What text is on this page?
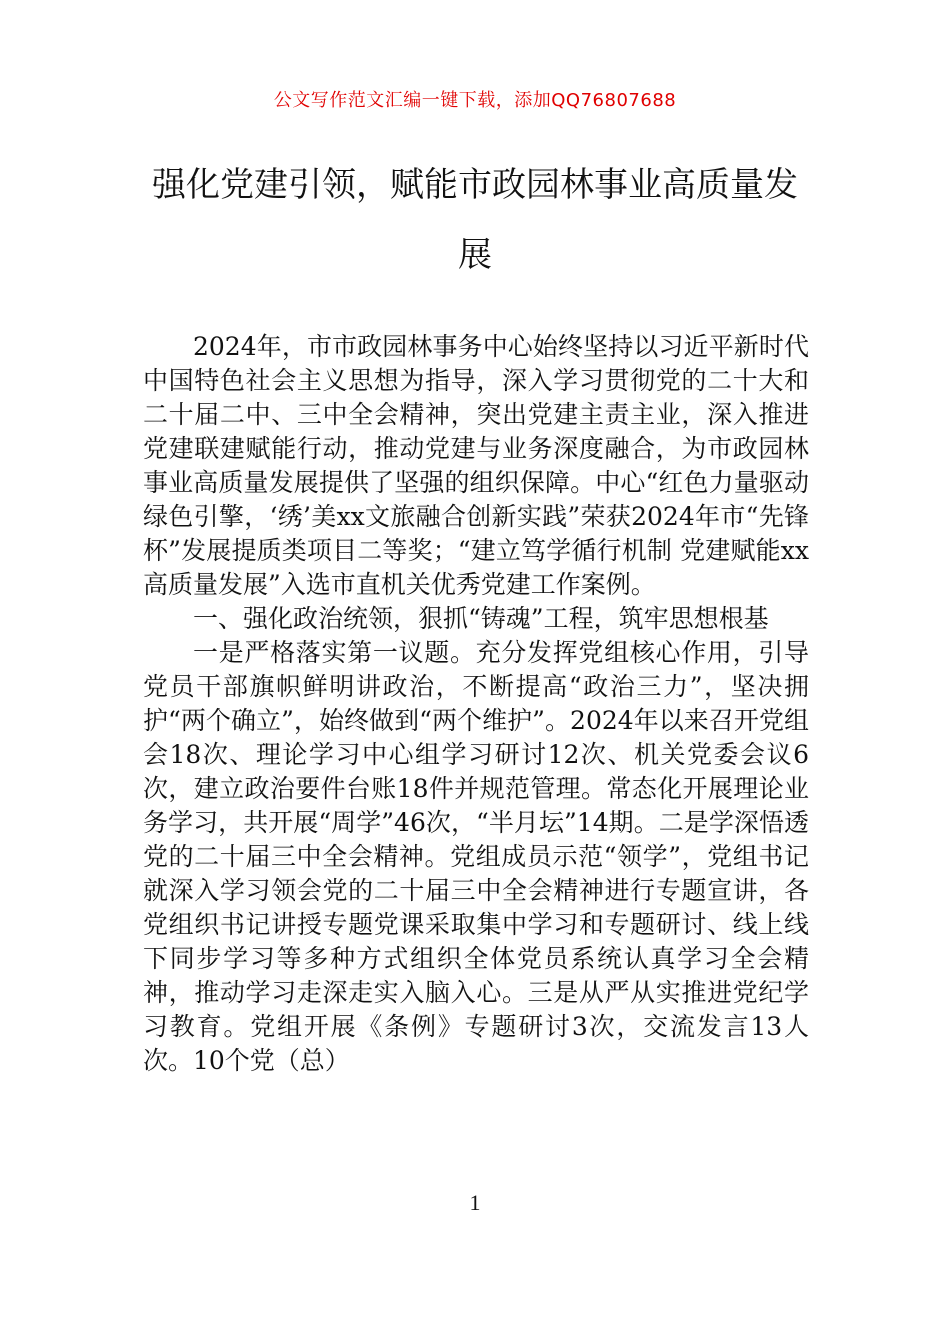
公文写作范文汇编一键下载，添加QQ76807688
强化党建引领，赋能市政园林事业高质量发展

2024年，市市政园林事务中心始终坚持以习近平新时代中国特色社会主义思想为指导，深入学习贯彻党的二十大和二十届二中、三中全会精神，突出党建主责主业，深入推进党建联建赋能行动，推动党建与业务深度融合，为市政园林事业高质量发展提供了坚强的组织保障。中心“红色力量驱动绿色引擎，‘绣’美xx文旅融合创新实践”荣获2024年市“先锋杯”发展提质类项目二等奖；“建立笃学循行机制 党建赋能xx高质量发展”入选市直机关优秀党建工作案例。

一、强化政治统领，狠抓“铸魂”工程，筑牢思想根基

一是严格落实第一议题。充分发挥党组核心作用，引导党员干部旗帜鲜明讲政治，不断提高“政治三力”，坚决拥护“两个确立”，始终做到“两个维护”。2024年以来召开党组会18次、理论学习中心组学习研讨12次、机关党委会议6次，建立政治要件台账18件并规范管理。常态化开展理论业务学习，共开展“周学”46次，“半月坛”14期。二是学深悟透党的二十届三中全会精神。党组成员示范“领学”，党组书记就深入学习领会党的二十届三中全会精神进行专题宣讲，各党组织书记讲授专题党课采取集中学习和专题研讨、线上线下同步学习等多种方式组织全体党员系统认真学习全会精神，推动学习走深走实入脑入心。三是从严从实推进党纪学习教育。党组开展《条例》专题研讨3次，交流发言13人次。10个党（总）

1
